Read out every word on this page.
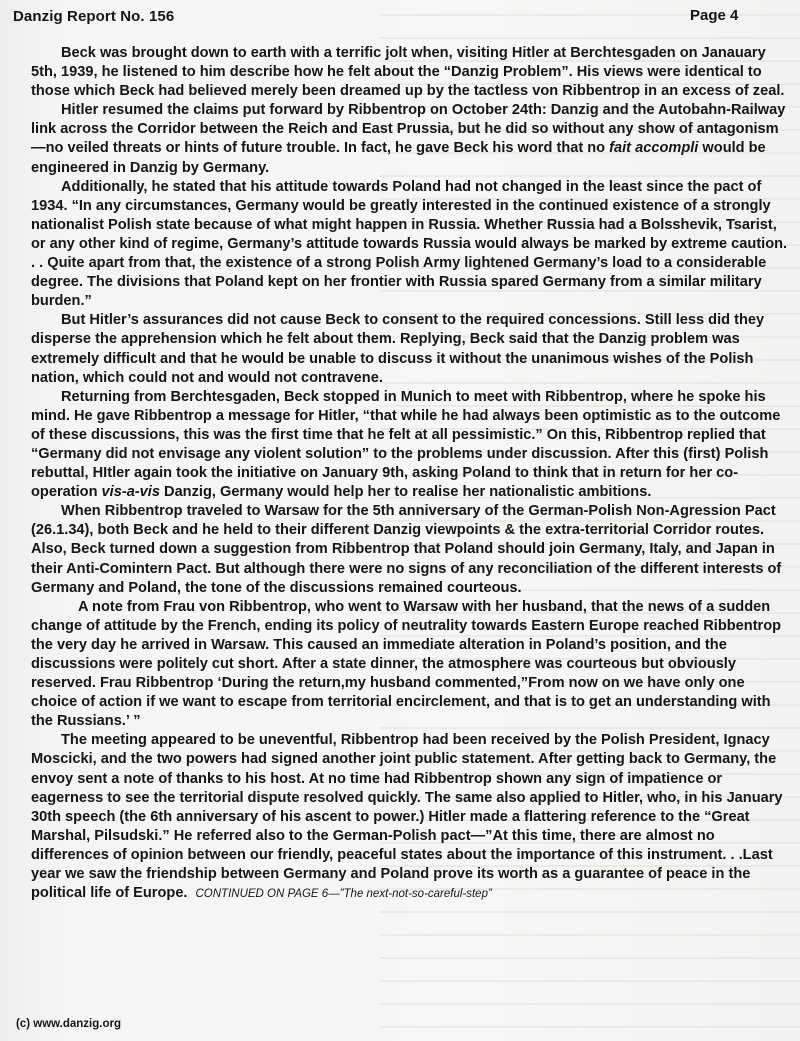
Danzig Report No. 156	Page 4

Beck was brought down to earth with a terrific jolt when, visiting Hitler at Berchtesgaden on Janauary 5th, 1939, he listened to him describe how he felt about the “Danzig Problem”. His views were identical to those which Beck had believed merely been dreamed up by the tactless von Ribbentrop in an excess of zeal.

Hitler resumed the claims put forward by Ribbentrop on October 24th: Danzig and the Autobahn-Railway link across the Corridor between the Reich and East Prussia, but he did so without any show of antagonism—no veiled threats or hints of future trouble. In fact, he gave Beck his word that no fait accompli would be engineered in Danzig by Germany.

Additionally, he stated that his attitude towards Poland had not changed in the least since the pact of 1934. “In any circumstances, Germany would be greatly interested in the continued existence of a strongly nationalist Polish state because of what might happen in Russia. Whether Russia had a Bolsshevik, Tsarist, or any other kind of regime, Germany’s attitude towards Russia would always be marked by extreme caution. . . Quite apart from that, the existence of a strong Polish Army lightened Germany’s load to a considerable degree. The divisions that Poland kept on her frontier with Russia spared Germany from a similar military burden.”

But Hitler’s assurances did not cause Beck to consent to the required concessions. Still less did they disperse the apprehension which he felt about them. Replying, Beck said that the Danzig problem was extremely difficult and that he would be unable to discuss it without the unanimous wishes of the Polish nation, which could not and would not contravene.

Returning from Berchtesgaden, Beck stopped in Munich to meet with Ribbentrop, where he spoke his mind. He gave Ribbentrop a message for Hitler, “that while he had always been optimistic as to the outcome of these discussions, this was the first time that he felt at all pessimistic.” On this, Ribbentrop replied that “Germany did not envisage any violent solution” to the problems under discussion. After this (first) Polish rebuttal, HItler again took the initiative on January 9th, asking Poland to think that in return for her co-operation vis-a-vis Danzig, Germany would help her to realise her nationalistic ambitions.

When Ribbentrop traveled to Warsaw for the 5th anniversary of the German-Polish Non-Agression Pact (26.1.34), both Beck and he held to their different Danzig viewpoints & the extra-territorial Corridor routes. Also, Beck turned down a suggestion from Ribbentrop that Poland should join Germany, Italy, and Japan in their Anti-Comintern Pact. But although there were no signs of any reconciliation of the different interests of Germany and Poland, the tone of the discussions remained courteous.

A note from Frau von Ribbentrop, who went to Warsaw with her husband, that the news of a sudden change of attitude by the French, ending its policy of neutrality towards Eastern Europe reached Ribbentrop the very day he arrived in Warsaw. This caused an immediate alteration in Poland’s position, and the discussions were politely cut short. After a state dinner, the atmosphere was courteous but obviously reserved. Frau Ribbentrop ‘During the return,my husband commented,”From now on we have only one choice of action if we want to escape from territorial encirclement, and that is to get an understanding with the Russians.’ ”

The meeting appeared to be uneventful, Ribbentrop had been received by the Polish President, Ignacy Moscicki, and the two powers had signed another joint public statement. After getting back to Germany, the envoy sent a note of thanks to his host. At no time had Ribbentrop shown any sign of impatience or eagerness to see the territorial dispute resolved quickly. The same also applied to Hitler, who, in his January 30th speech (the 6th anniversary of his ascent to power.) Hitler made a flattering reference to the “Great Marshal, Pilsudski.” He referred also to the German-Polish pact—”At this time, there are almost no differences of opinion between our friendly, peaceful states about the importance of this instrument. . .Last year we saw the friendship between Germany and Poland prove its worth as a guarantee of peace in the political life of Europe. CONTINUED ON PAGE 6—”The next-not-so-careful-step”

(c) www.danzig.org
